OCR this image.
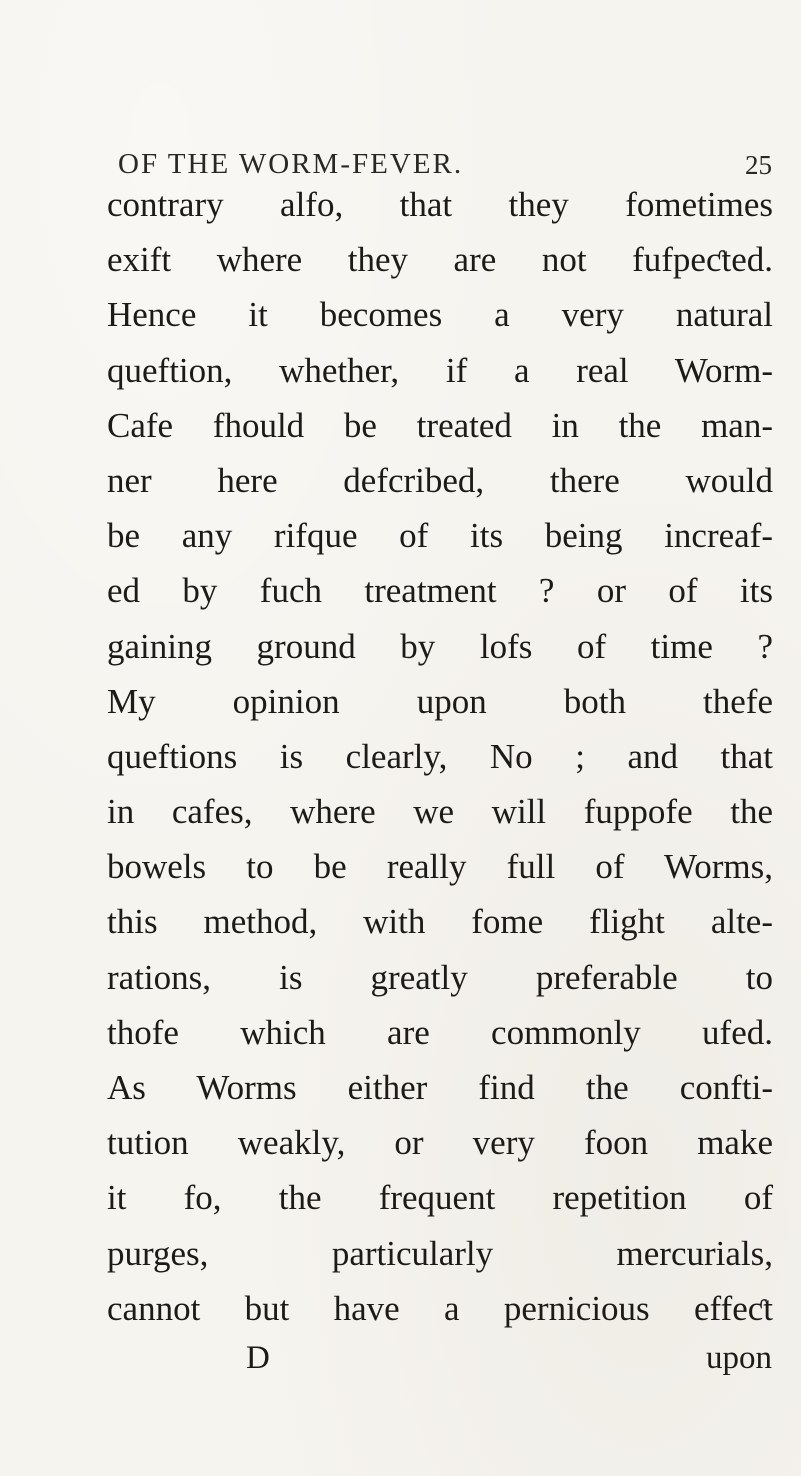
OF THE WORM-FEVER.	25
contrary alfo, that they fometimes
exift where they are not fufpeƈted.
Hence it becomes a very natural
queftion, whether, if a real Worm-
Cafe fhould be treated in the man-
ner here defcribed, there would
be any rifque of its being increaf-
ed by fuch treatment ? or of its
gaining ground by lofs of time ?
My opinion upon both thefe
queftions is clearly, No ; and that
in cafes, where we will fuppofe the
bowels to be really full of Worms,
this method, with fome flight alte-
rations, is greatly preferable to
thofe which are commonly ufed.
As Worms either find the confti-
tution weakly, or very foon make
it fo, the frequent repetition of
purges, particularly mercurials,
cannot but have a pernicious effeƈt
D	upon
